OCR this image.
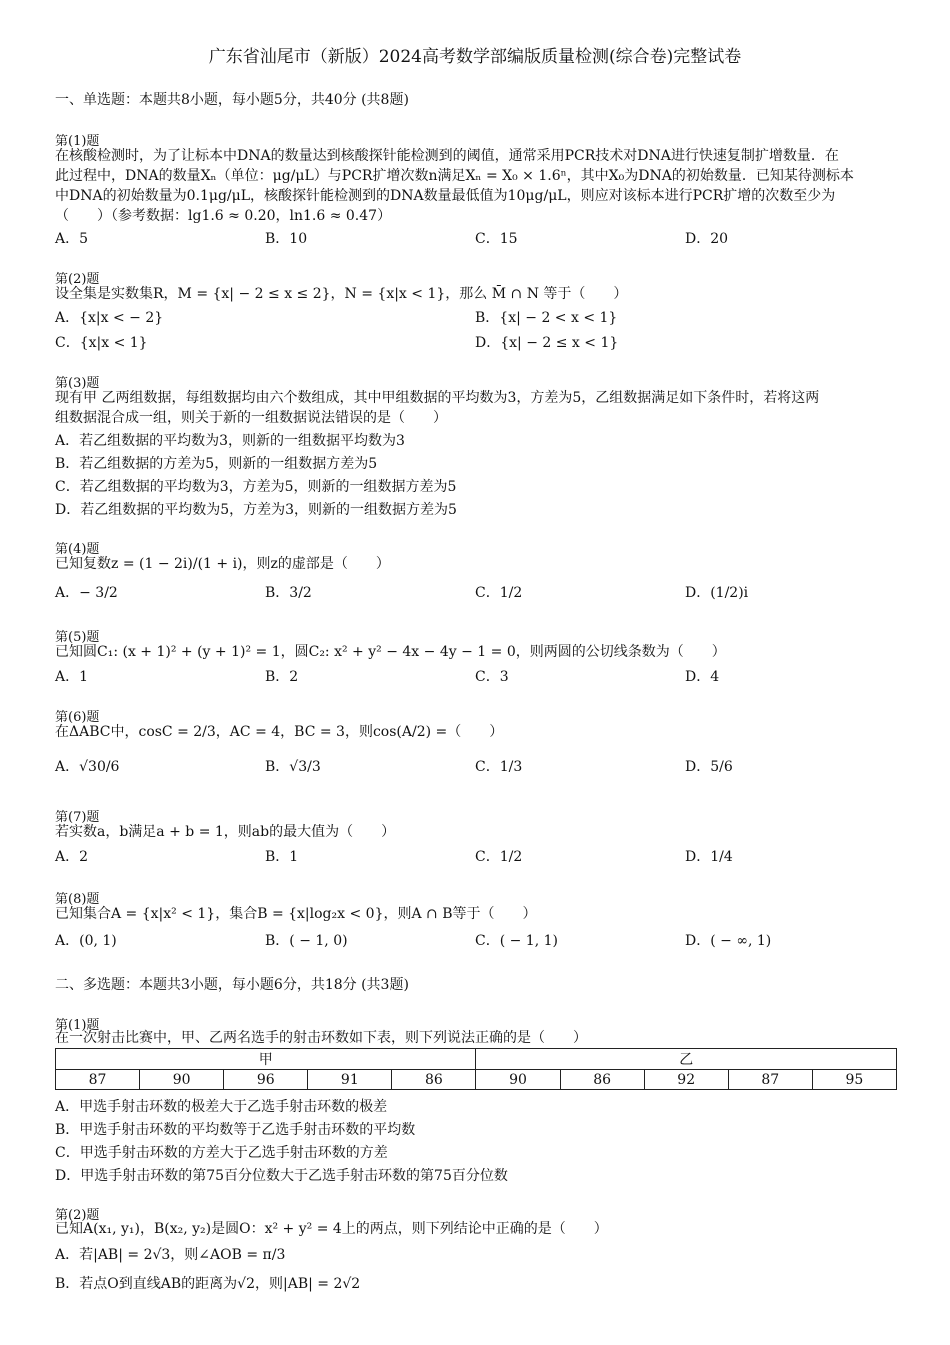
广东省汕尾市（新版）2024高考数学部编版质量检测(综合卷)完整试卷
一、单选题：本题共8小题，每小题5分，共40分 (共8题)
第(1)题
在核酸检测时，为了让标本中DNA的数量达到核酸探针能检测到的阈值，通常采用PCR技术对DNA进行快速复制扩增数量．在
此过程中，DNA的数量Xₙ（单位：μg/μL）与PCR扩增次数n满足Xₙ = X₀ × 1.6ⁿ，其中X₀为DNA的初始数量．已知某待测标本
中DNA的初始数量为0.1μg/μL，核酸探针能检测到的DNA数量最低值为10μg/μL，则应对该标本进行PCR扩增的次数至少为
（　　）（参考数据：lg1.6 ≈ 0.20，ln1.6 ≈ 0.47）
A．5	B．10	C．15	D．20
第(2)题
设全集是实数集R，M = {x| − 2 ≤ x ≤ 2}，N = {x|x < 1}，那么 M̄ ∩ N 等于（　　）
A．{x|x < − 2}	B．{x| − 2 < x < 1}
C．{x|x < 1}	D．{x| − 2 ≤ x < 1}
第(3)题
现有甲 乙两组数据，每组数据均由六个数组成，其中甲组数据的平均数为3，方差为5，乙组数据满足如下条件时，若将这两
组数据混合成一组，则关于新的一组数据说法错误的是（　　）
A．若乙组数据的平均数为3，则新的一组数据平均数为3
B．若乙组数据的方差为5，则新的一组数据方差为5
C．若乙组数据的平均数为3，方差为5，则新的一组数据方差为5
D．若乙组数据的平均数为5，方差为3，则新的一组数据方差为5
第(4)题
已知复数z = (1 − 2i)/(1 + i)，则z的虚部是（　　）
A．− 3/2	B．3/2	C．1/2	D．(1/2)i
第(5)题
已知圆C₁: (x + 1)² + (y + 1)² = 1，圆C₂: x² + y² − 4x − 4y − 1 = 0，则两圆的公切线条数为（　　）
A．1	B．2	C．3	D．4
第(6)题
在ΔABC中，cosC = 2/3，AC = 4，BC = 3，则cos(A/2) =（　　）
A．√30/6	B．√3/3	C．1/3	D．5/6
第(7)题
若实数a，b满足a + b = 1，则ab的最大值为（　　）
A．2	B．1	C．1/2	D．1/4
第(8)题
已知集合A = {x|x² < 1}，集合B = {x|log₂x < 0}，则A ∩ B等于（　　）
A．(0, 1)	B．( − 1, 0)	C．( − 1, 1)	D．( − ∞, 1)
二、多选题：本题共3小题，每小题6分，共18分 (共3题)
第(1)题
在一次射击比赛中，甲、乙两名选手的射击环数如下表，则下列说法正确的是（　　）
甲					乙				
87	90	96	91	86	90	86	92	87	95
A．甲选手射击环数的极差大于乙选手射击环数的极差
B．甲选手射击环数的平均数等于乙选手射击环数的平均数
C．甲选手射击环数的方差大于乙选手射击环数的方差
D．甲选手射击环数的第75百分位数大于乙选手射击环数的第75百分位数
第(2)题
已知A(x₁, y₁)，B(x₂, y₂)是圆O：x² + y² = 4上的两点，则下列结论中正确的是（　　）
A．若|AB| = 2√3，则∠AOB = π/3
B．若点O到直线AB的距离为√2，则|AB| = 2√2
